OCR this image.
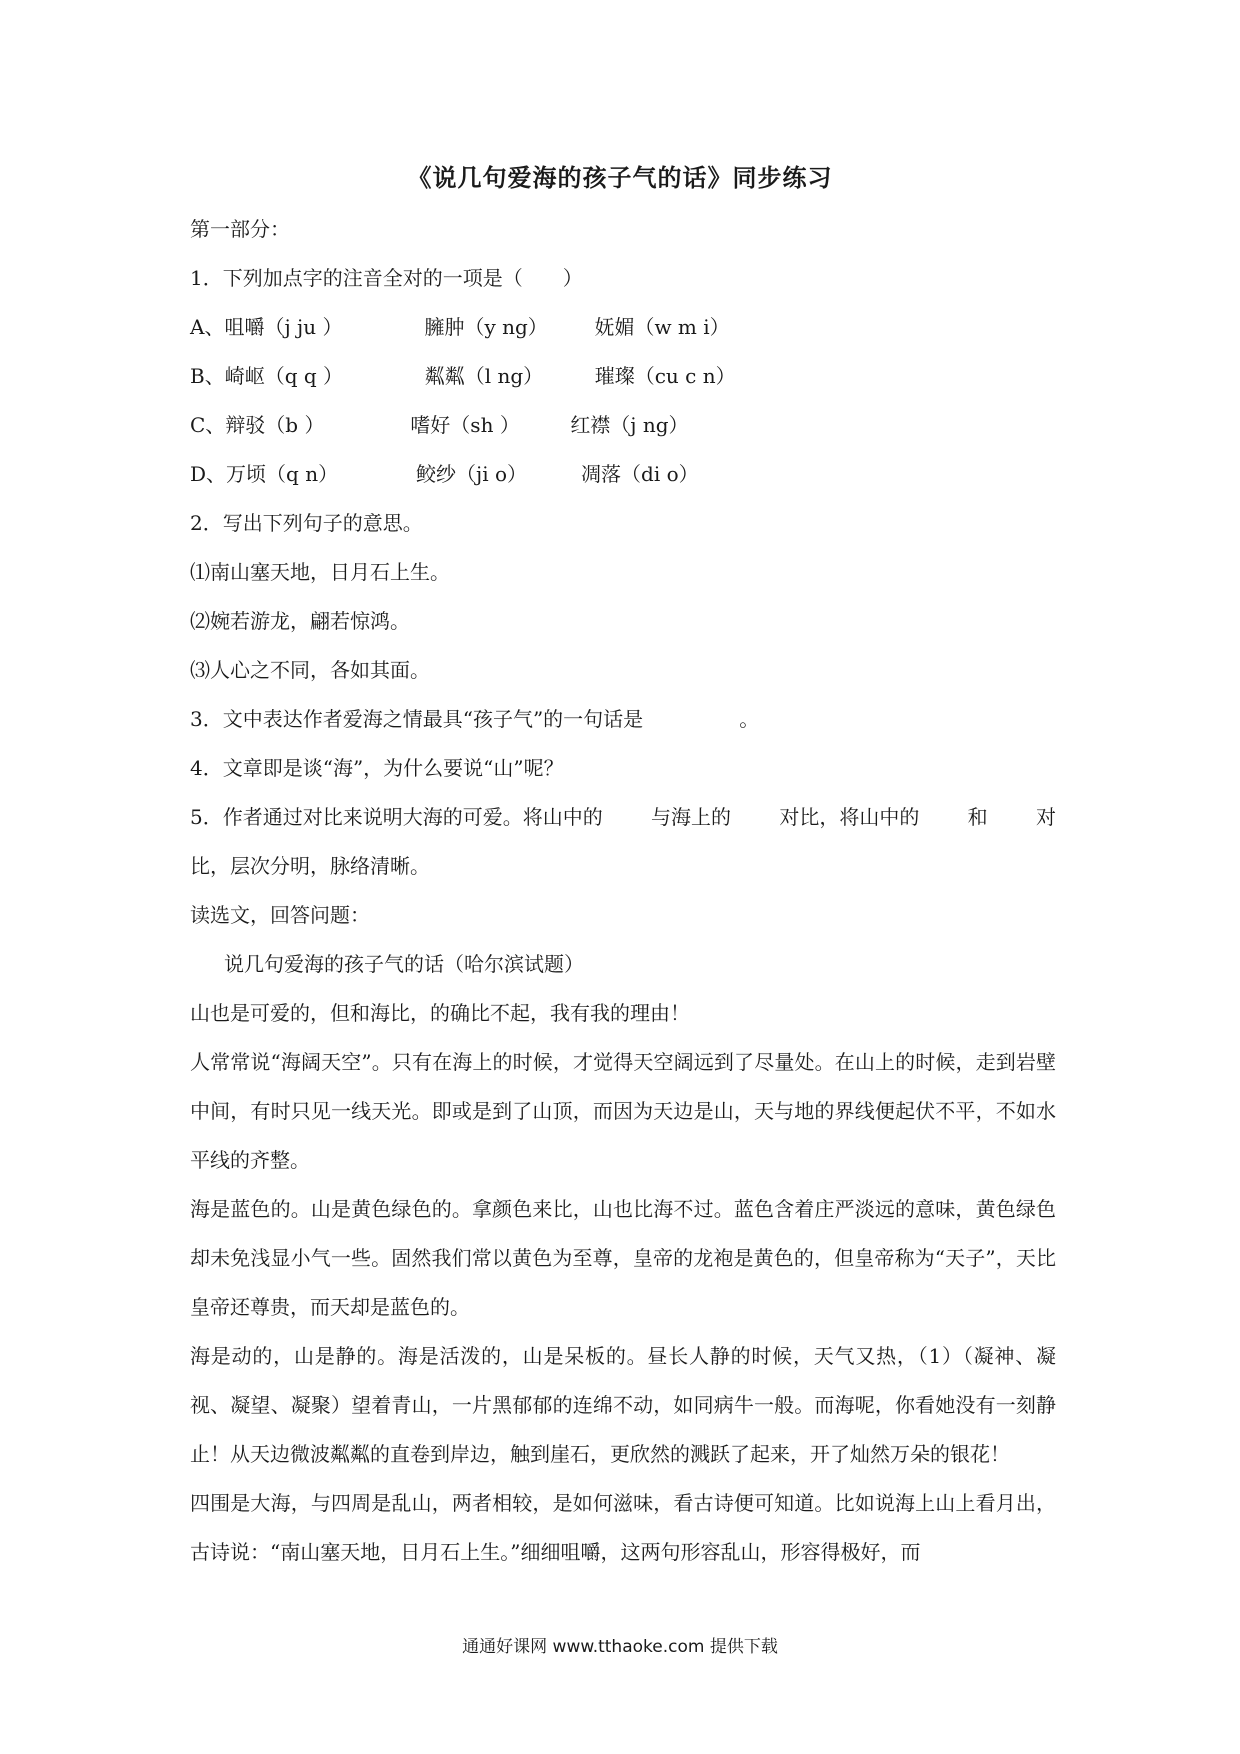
《说几句爱海的孩子气的话》同步练习
第一部分：
1．下列加点字的注音全对的一项是（　　）
A、咀嚼（j ju ）	臃肿（y ng） 妩媚（w m i）
B、崎岖（q q ）	粼粼（l ng）	璀璨（cu c n）
C、辩驳（b ）	嗜好（sh ）	红襟（j ng）
D、万顷（q n）	鲛纱（ji o）	凋落（di o）
2．写出下列句子的意思。
⑴南山塞天地，日月石上生。
⑵婉若游龙，翩若惊鸿。
⑶人心之不同，各如其面。
3．文中表达作者爱海之情最具“孩子气”的一句话是	。
4．文章即是谈“海”，为什么要说“山”呢？
5．作者通过对比来说明大海的可爱。将山中的 与海上的 对比，将山中的 和 对
比，层次分明，脉络清晰。
读选文，回答问题：
说几句爱海的孩子气的话（哈尔滨试题）
山也是可爱的，但和海比，的确比不起，我有我的理由！
人常常说“海阔天空”。只有在海上的时候，才觉得天空阔远到了尽量处。在山上的时候，走到岩壁中间，有时只见一线天光。即或是到了山顶，而因为天边是山，天与地的界线便起伏不平，不如水平线的齐整。
海是蓝色的。山是黄色绿色的。拿颜色来比，山也比海不过。蓝色含着庄严淡远的意味，黄色绿色却未免浅显小气一些。固然我们常以黄色为至尊，皇帝的龙袍是黄色的，但皇帝称为“天子”，天比皇帝还尊贵，而天却是蓝色的。
海是动的，山是静的。海是活泼的，山是呆板的。昼长人静的时候，天气又热，（1）（凝神、凝视、凝望、凝聚）望着青山，一片黑郁郁的连绵不动，如同病牛一般。而海呢，你看她没有一刻静止！从天边微波粼粼的直卷到岸边，触到崖石，更欣然的溅跃了起来，开了灿然万朵的银花！
四围是大海，与四周是乱山，两者相较，是如何滋味，看古诗便可知道。比如说海上山上看月出，古诗说：“南山塞天地，日月石上生。”细细咀嚼，这两句形容乱山，形容得极好，而
通通好课网 www.tthaoke.com 提供下载
